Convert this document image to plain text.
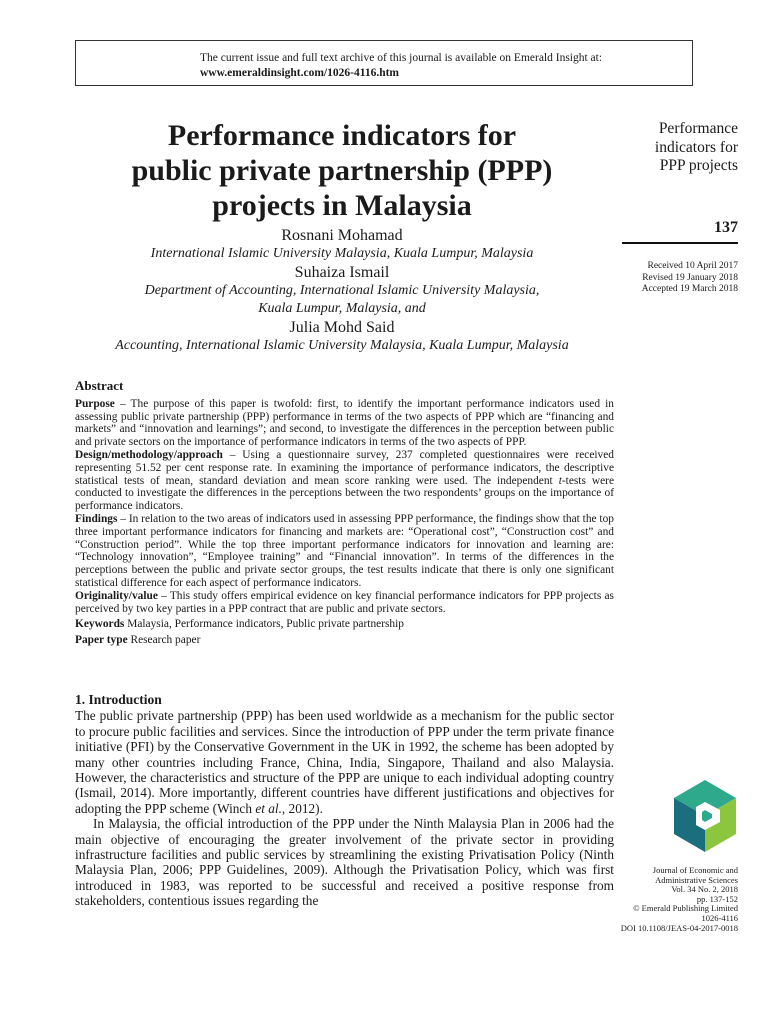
The current issue and full text archive of this journal is available on Emerald Insight at:
www.emeraldinsight.com/1026-4116.htm
Performance indicators for
public private partnership (PPP)
projects in Malaysia
Rosnani Mohamad
International Islamic University Malaysia, Kuala Lumpur, Malaysia
Suhaiza Ismail
Department of Accounting, International Islamic University Malaysia,
Kuala Lumpur, Malaysia, and
Julia Mohd Said
Accounting, International Islamic University Malaysia, Kuala Lumpur, Malaysia
Performance
indicators for
PPP projects
137
Received 10 April 2017
Revised 19 January 2018
Accepted 19 March 2018
Abstract

Purpose – The purpose of this paper is twofold: first, to identify the important performance indicators used in assessing public private partnership (PPP) performance in terms of the two aspects of PPP which are “financing and markets” and “innovation and learnings”; and second, to investigate the differences in the perception between public and private sectors on the importance of performance indicators in terms of the two aspects of PPP.

Design/methodology/approach – Using a questionnaire survey, 237 completed questionnaires were received representing 51.52 per cent response rate. In examining the importance of performance indicators, the descriptive statistical tests of mean, standard deviation and mean score ranking were used. The independent t-tests were conducted to investigate the differences in the perceptions between the two respondents’ groups on the importance of performance indicators.

Findings – In relation to the two areas of indicators used in assessing PPP performance, the findings show that the top three important performance indicators for financing and markets are: “Operational cost”, “Construction cost” and “Construction period”. While the top three important performance indicators for innovation and learning are: “Technology innovation”, “Employee training” and “Financial innovation”. In terms of the differences in the perceptions between the public and private sector groups, the test results indicate that there is only one significant statistical difference for each aspect of performance indicators.

Originality/value – This study offers empirical evidence on key financial performance indicators for PPP projects as perceived by two key parties in a PPP contract that are public and private sectors.

Keywords Malaysia, Performance indicators, Public private partnership

Paper type Research paper

1. Introduction

The public private partnership (PPP) has been used worldwide as a mechanism for the public sector to procure public facilities and services. Since the introduction of PPP under the term private finance initiative (PFI) by the Conservative Government in the UK in 1992, the scheme has been adopted by many other countries including France, China, India, Singapore, Thailand and also Malaysia. However, the characteristics and structure of the PPP are unique to each individual adopting country (Ismail, 2014). More importantly, different countries have different justifications and objectives for adopting the PPP scheme (Winch et al., 2012).

In Malaysia, the official introduction of the PPP under the Ninth Malaysia Plan in 2006 had the main objective of encouraging the greater involvement of the private sector in providing infrastructure facilities and public services by streamlining the existing Privatisation Policy (Ninth Malaysia Plan, 2006; PPP Guidelines, 2009). Although the Privatisation Policy, which was first introduced in 1983, was reported to be successful and received a positive response from stakeholders, contentious issues regarding the

Journal of Economic and
Administrative Sciences
Vol. 34 No. 2, 2018
pp. 137-152
© Emerald Publishing Limited
1026-4116
DOI 10.1108/JEAS-04-2017-0018
